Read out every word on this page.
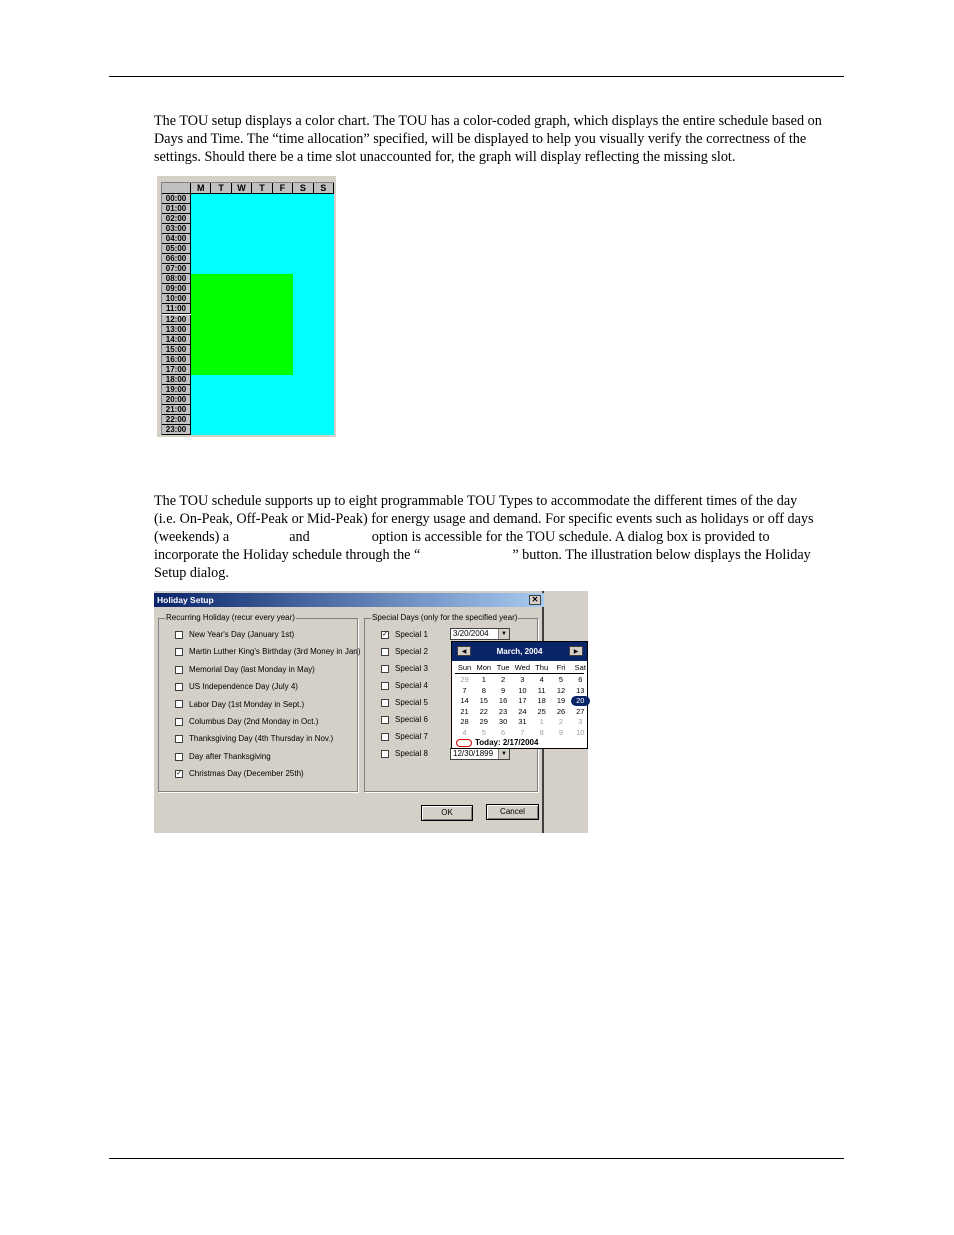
The TOU setup displays a color chart. The TOU has a color-coded graph, which displays the entire schedule based on Days and Time. The “time allocation” specified, will be displayed to help you visually verify the correctness of the settings. Should there be a time slot unaccounted for, the graph will display reflecting the missing slot.

M	T	W	T	F	S	S
00:00
01:00
02:00
03:00
04:00
05:00
06:00
07:00
08:00
09:00
10:00
11:00
12:00
13:00
14:00
15:00
16:00
17:00
18:00
19:00
20:00
21:00
22:00
23:00
The TOU schedule supports up to eight programmable TOU Types to accommodate the different times of the day
(i.e. On-Peak, Off-Peak or Mid-Peak) for energy usage and demand. For specific events such as holidays or off days
(weekends) a	and	option is accessible for the TOU schedule. A dialog box is provided to
incorporate the Holiday schedule through the “	” button. The illustration below displays the Holiday
Setup dialog.
Holiday Setup	✕
Recurring Holiday (recur every year)
New Year's Day (January 1st)
Martin Luther King's Birthday (3rd Money in Jan)
Memorial Day (last Monday in May)
US Independence Day (July 4)
Labor Day (1st Monday in Sept.)
Columbus Day (2nd Monday in Oct.)
Thanksgiving Day (4th Thursday in Nov.)
Day after Thanksgiving
✓ Christmas Day (December 25th)
Special Days (only for the specified year)
✓ Special 1
Special 2
Special 3
Special 4
Special 5
Special 6
Special 7
Special 8
3/20/2004	▼
12/30/1899	▼
OK	Cancel
March, 2004
◀	▶
Sun Mon Tue Wed Thu	Fri	Sat
29	1	2	3	4	5	6
7	8	9	10	11	12	13
14	15	16	17	18	19	20
21	22	23	24	25	26	27
28	29	30	31	1	2	3
4	5	6	7	8	9	10
Today: 2/17/2004
